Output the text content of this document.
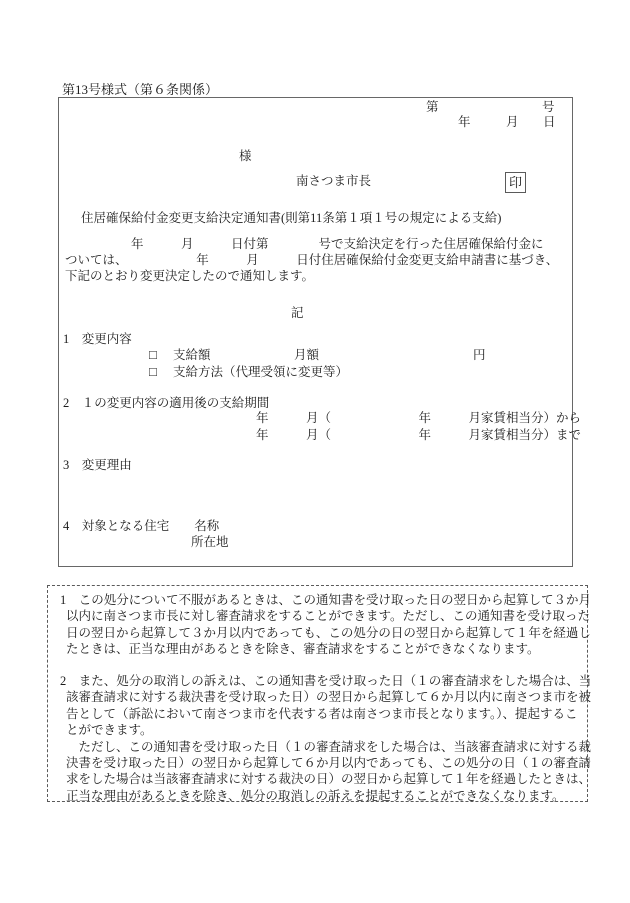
第13号様式（第６条関係）
第	号
年	月 日
様
南さつま市長	印
住居確保給付金変更支給決定通知書(則第11条第１項１号の規定による支給)
年　　　月　　　日付第　　　　号で支給決定を行った住居確保給付金に
ついては、　　　　　　年　　　月　　　日付住居確保給付金変更支給申請書に基づき、
下記のとおり変更決定したので通知します。
記
1　変更内容
□ 支給額	月額	円
□ 支給方法（代理受領に変更等）
2　１の変更内容の適用後の支給期間
年　　　月（　　　　　　　年　　　月家賃相当分）から
年　　　月（　　　　　　　年　　　月家賃相当分）まで
3　変更理由
4　対象となる住宅　　名称
所在地
1　この処分について不服があるときは、この通知書を受け取った日の翌日から起算して３か月
以内に南さつま市長に対し審査請求をすることができます。ただし、この通知書を受け取った
日の翌日から起算して３か月以内であっても、この処分の日の翌日から起算して１年を経過し
たときは、正当な理由があるときを除き、審査請求をすることができなくなります。
2　また、処分の取消しの訴えは、この通知書を受け取った日（１の審査請求をした場合は、当
該審査請求に対する裁決書を受け取った日）の翌日から起算して６か月以内に南さつま市を被
告として（訴訟において南さつま市を代表する者は南さつま市長となります。）、提起するこ
とができます。
　ただし、この通知書を受け取った日（１の審査請求をした場合は、当該審査請求に対する裁
決書を受け取った日）の翌日から起算して６か月以内であっても、この処分の日（１の審査請
求をした場合は当該審査請求に対する裁決の日）の翌日から起算して１年を経過したときは、
正当な理由があるときを除き、処分の取消しの訴えを提起することができなくなります。
